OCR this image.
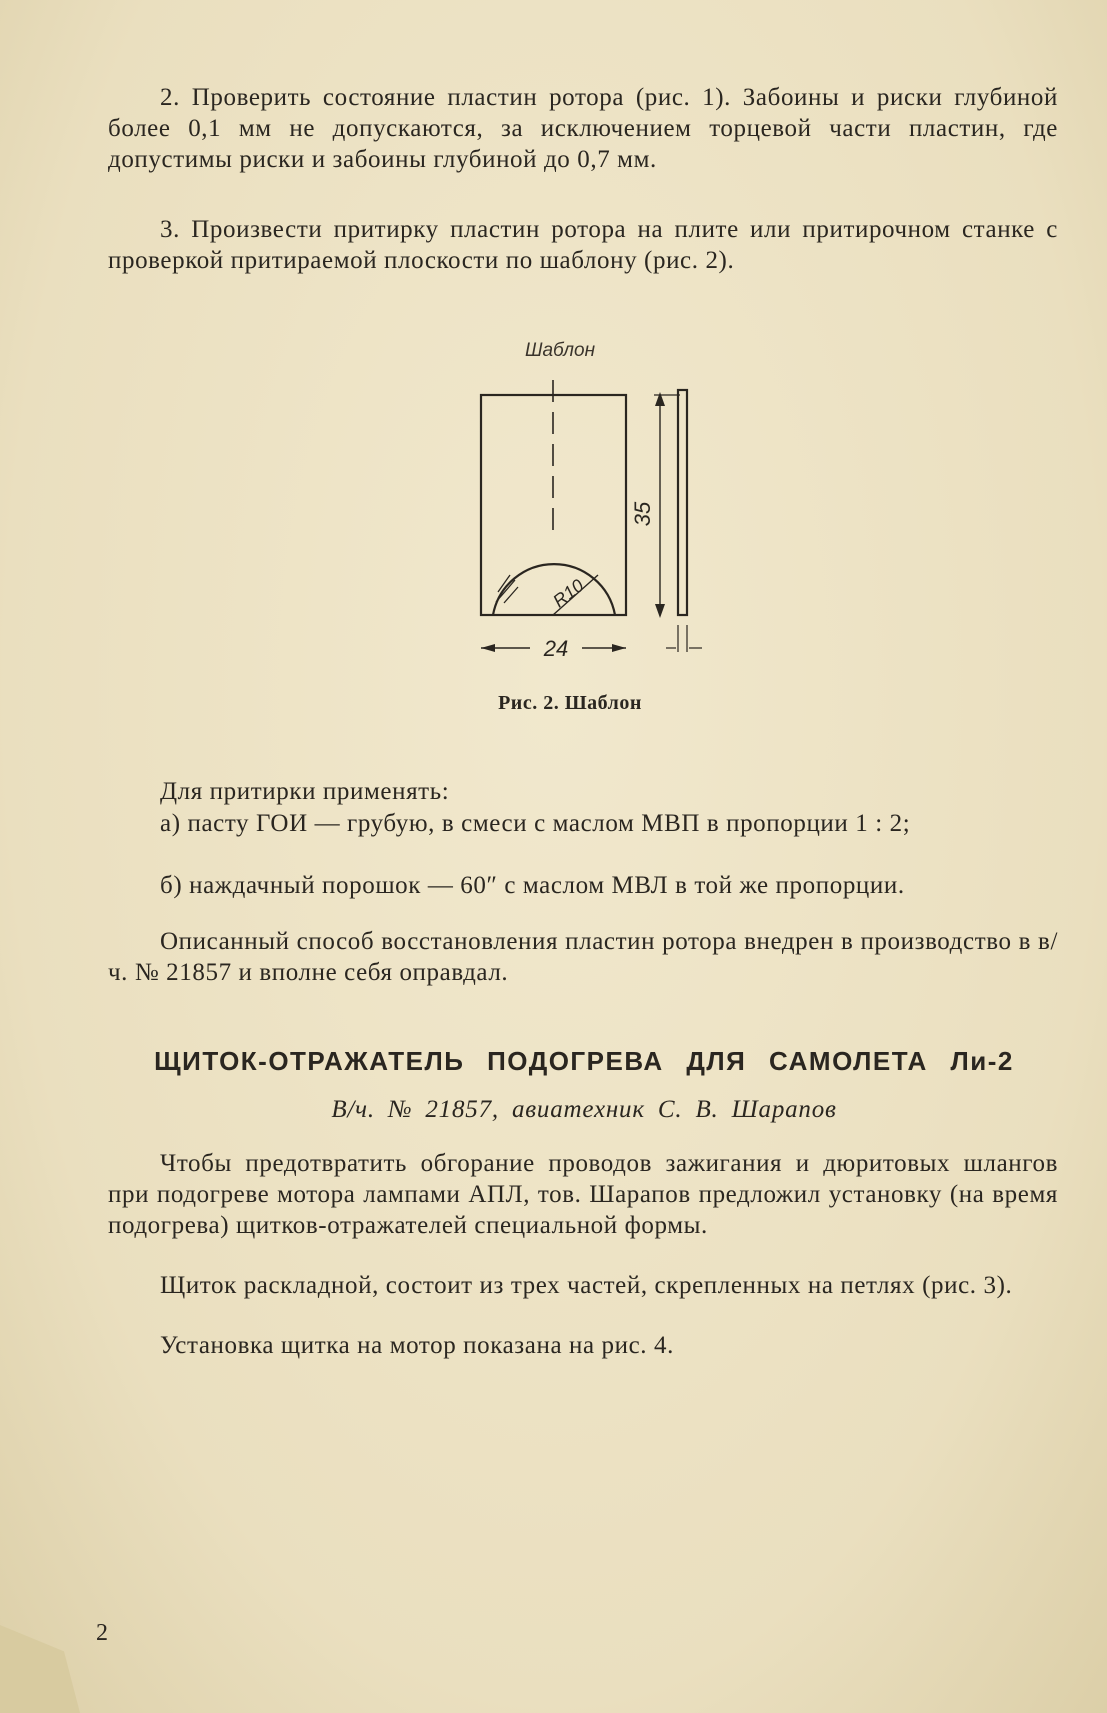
2. Проверить состояние пластин ротора (рис. 1). Забоины и риски глубиной более 0,1 мм не допускаются, за исключением торцевой части пластин, где допустимы риски и забоины глубиной до 0,7 мм.

3. Произвести притирку пластин ротора на плите или притирочном станке с проверкой притираемой плоскости по шаблону (рис. 2).

Шаблон
35
R10
24
Рис. 2. Шаблон

Для притирки применять:

а) пасту ГОИ — грубую, в смеси с маслом МВП в пропорции 1 : 2;

б) наждачный порошок — 60″ с маслом МВЛ в той же пропорции.

Описанный способ восстановления пластин ротора внедрен в производство в в/ч. № 21857 и вполне себя оправдал.

ЩИТОК-ОТРАЖАТЕЛЬ ПОДОГРЕВА ДЛЯ САМОЛЕТА Ли-2
В/ч. № 21857, авиатехник С. В. Шарапов

Чтобы предотвратить обгорание проводов зажигания и дюритовых шлангов при подогреве мотора лампами АПЛ, тов. Шарапов предложил установку (на время подогрева) щитков-отражателей специальной формы.

Щиток раскладной, состоит из трех частей, скрепленных на петлях (рис. 3).

Установка щитка на мотор показана на рис. 4.

2
